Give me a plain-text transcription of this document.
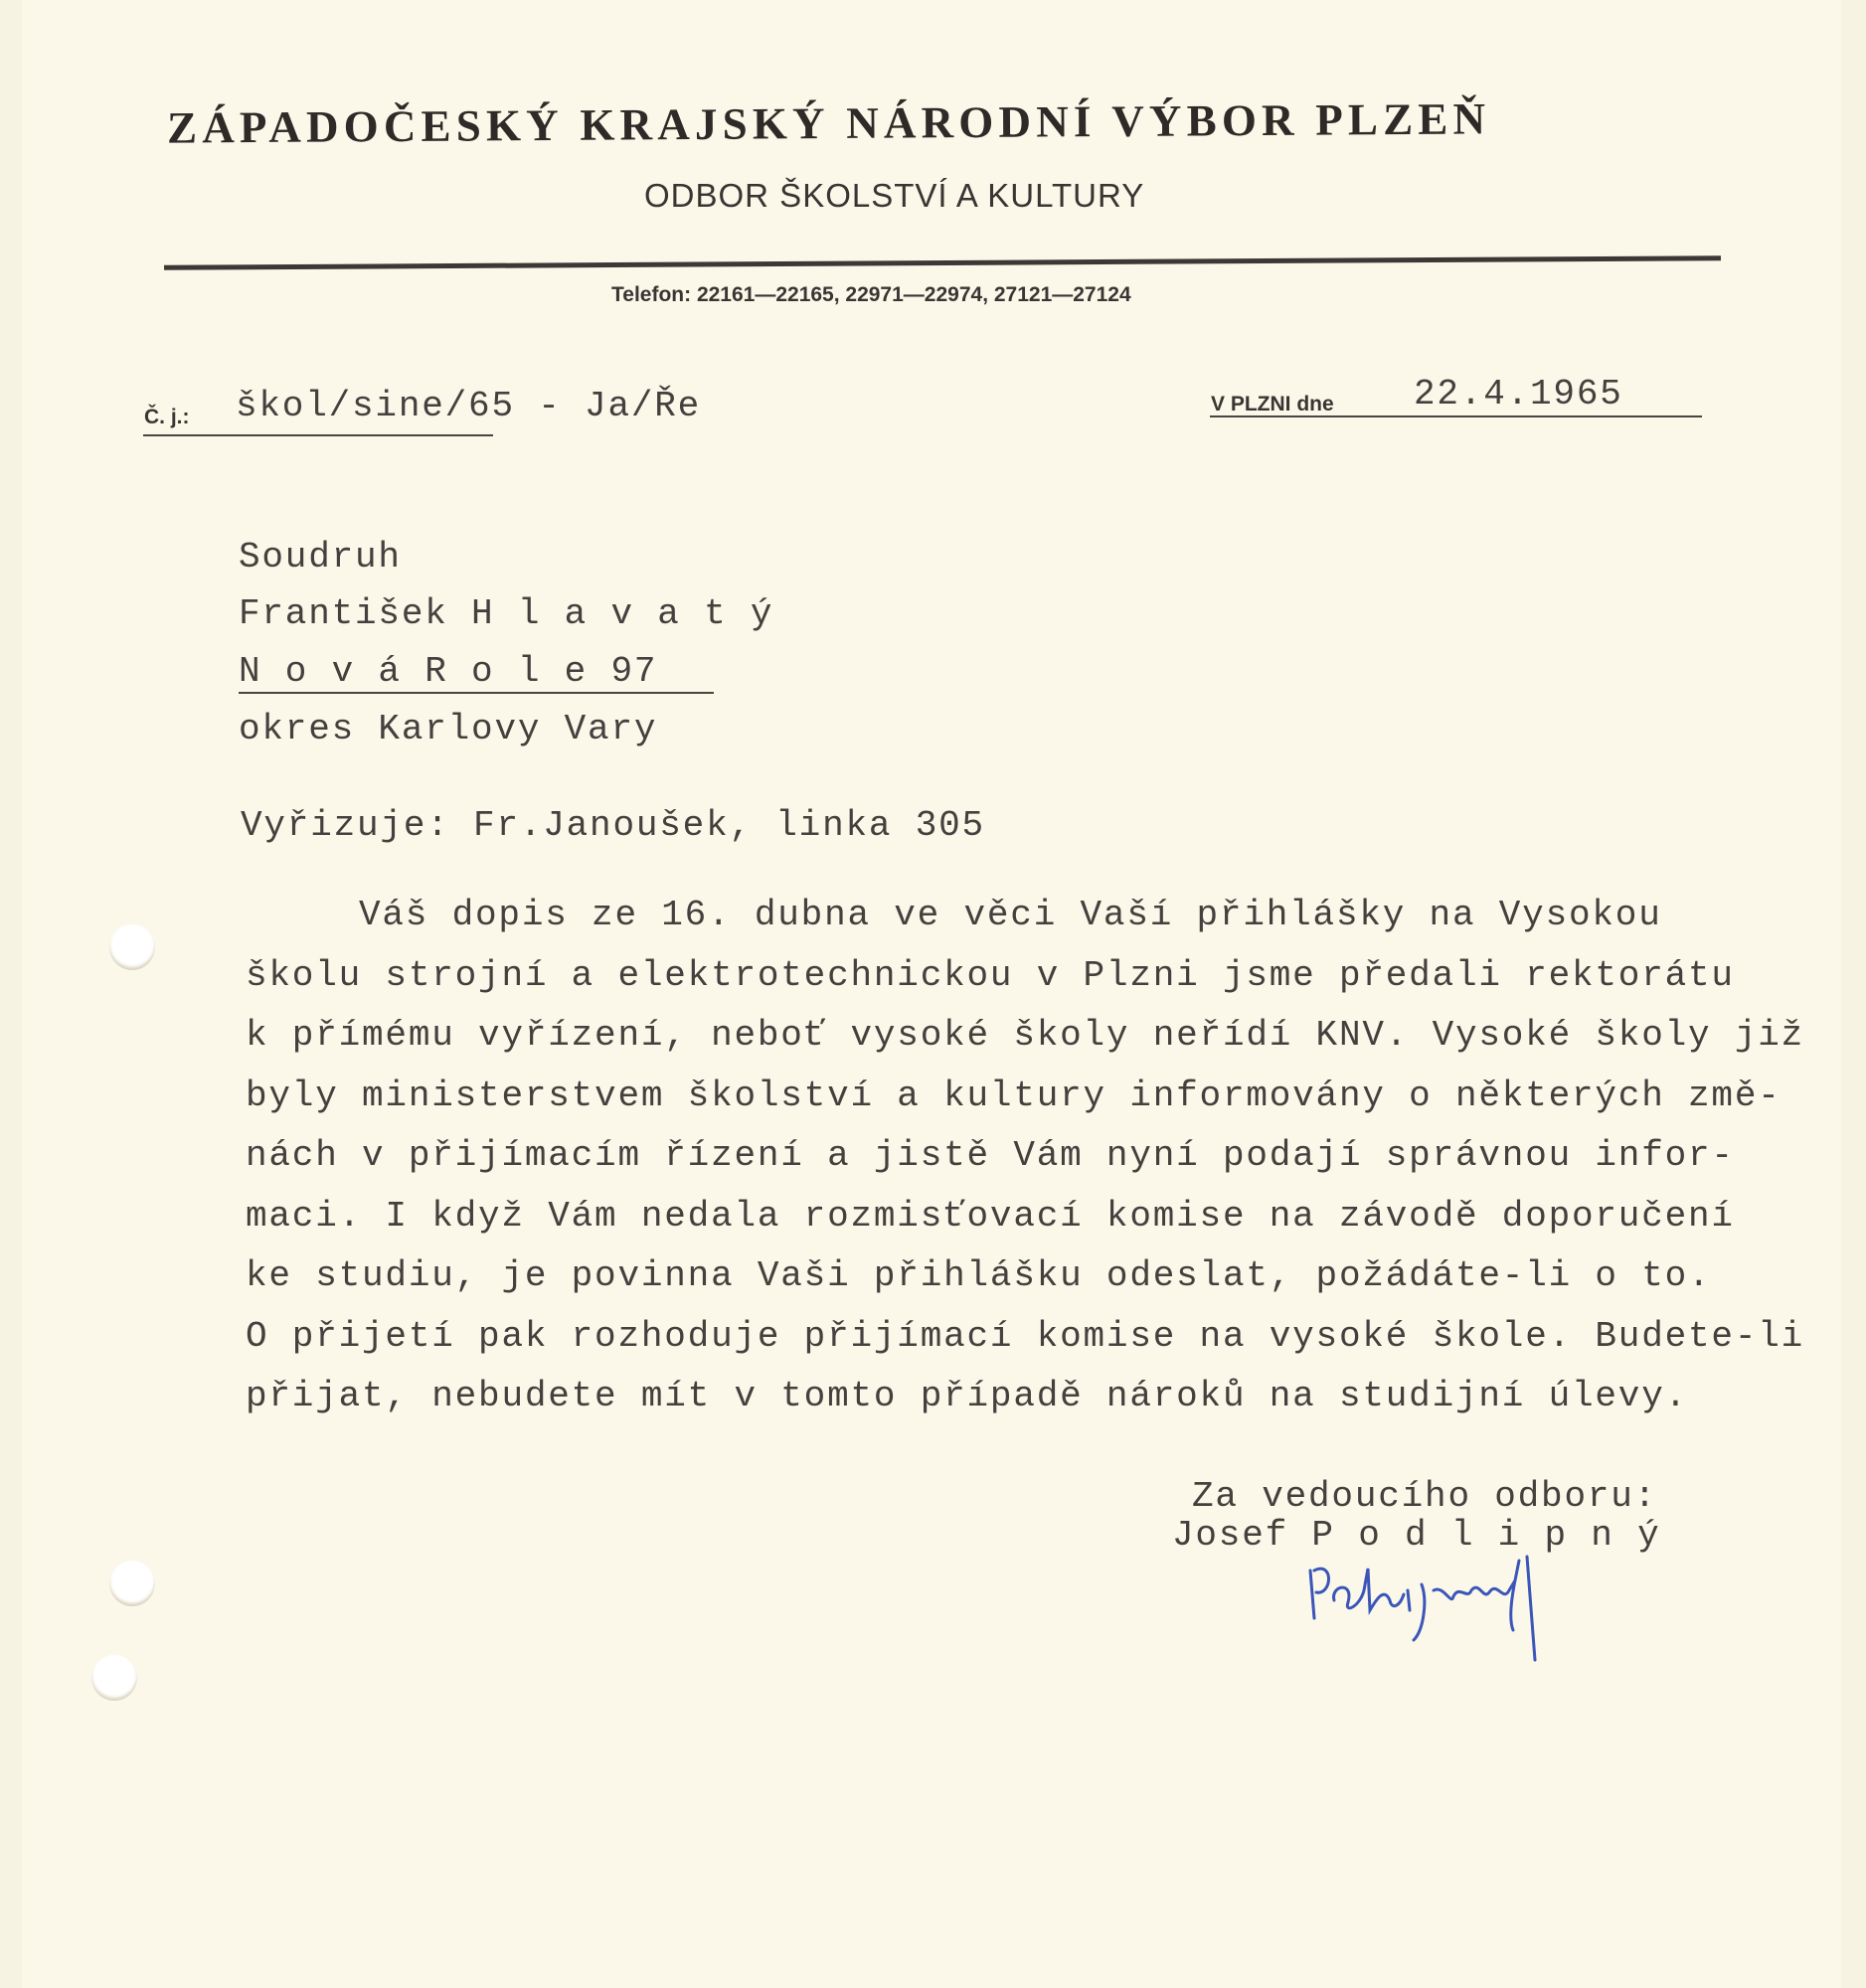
ZÁPADOČESKÝ KRAJSKÝ NÁRODNÍ VÝBOR PLZEŇ
ODBOR ŠKOLSTVÍ A KULTURY
Telefon: 22161—22165, 22971—22974, 27121—27124
Č. j.: škol/sine/65 - Ja/Ře	V PLZNI dne 22.4.1965
Soudruh
František H l a v a t ý
N o v á R o l e 97
okres Karlovy Vary
Vyřizuje: Fr.Janoušek, linka 305
Váš dopis ze 16. dubna ve věci Vaší přihlášky na Vysokou
školu strojní a elektrotechnickou v Plzni jsme předali rektorátu
k přímému vyřízení, neboť vysoké školy neřídí KNV. Vysoké školy již
byly ministerstvem školství a kultury informovány o některých změ-
nách v přijímacím řízení a jistě Vám nyní podají správnou infor-
maci. I když Vám nedala rozmisťovací komise na závodě doporučení
ke studiu, je povinna Vaši přihlášku odeslat, požádáte-li o to.
O přijetí pak rozhoduje přijímací komise na vysoké škole. Budete-li
přijat, nebudete mít v tomto případě nároků na studijní úlevy.
Za vedoucího odboru:
Josef P o d l i p n ý
